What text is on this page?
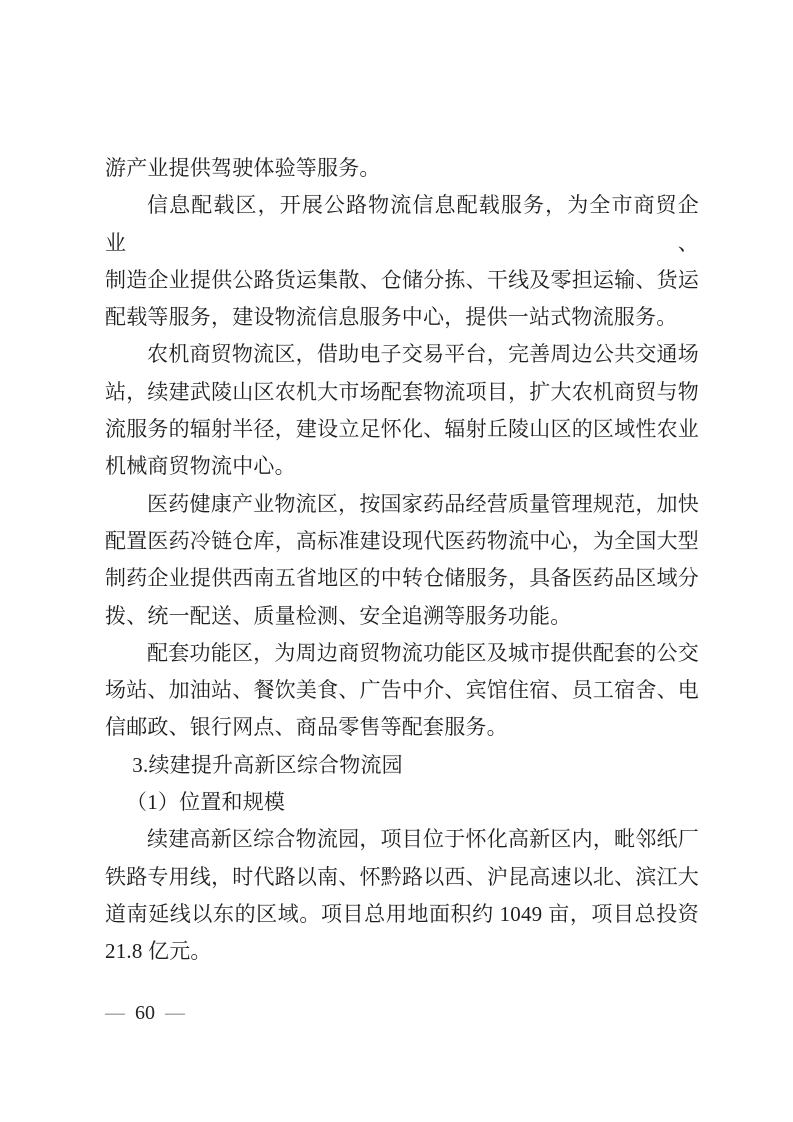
游产业提供驾驶体验等服务。
信息配载区，开展公路物流信息配载服务，为全市商贸企业、
制造企业提供公路货运集散、仓储分拣、干线及零担运输、货运
配载等服务，建设物流信息服务中心，提供一站式物流服务。
农机商贸物流区，借助电子交易平台，完善周边公共交通场
站，续建武陵山区农机大市场配套物流项目，扩大农机商贸与物
流服务的辐射半径，建设立足怀化、辐射丘陵山区的区域性农业
机械商贸物流中心。
医药健康产业物流区，按国家药品经营质量管理规范，加快
配置医药冷链仓库，高标准建设现代医药物流中心，为全国大型
制药企业提供西南五省地区的中转仓储服务，具备医药品区域分
拨、统一配送、质量检测、安全追溯等服务功能。
配套功能区，为周边商贸物流功能区及城市提供配套的公交
场站、加油站、餐饮美食、广告中介、宾馆住宿、员工宿舍、电
信邮政、银行网点、商品零售等配套服务。
3.续建提升高新区综合物流园
（1）位置和规模
续建高新区综合物流园，项目位于怀化高新区内，毗邻纸厂
铁路专用线，时代路以南、怀黔路以西、沪昆高速以北、滨江大
道南延线以东的区域。项目总用地面积约 1049 亩，项目总投资
21.8 亿元。
— 60 —
